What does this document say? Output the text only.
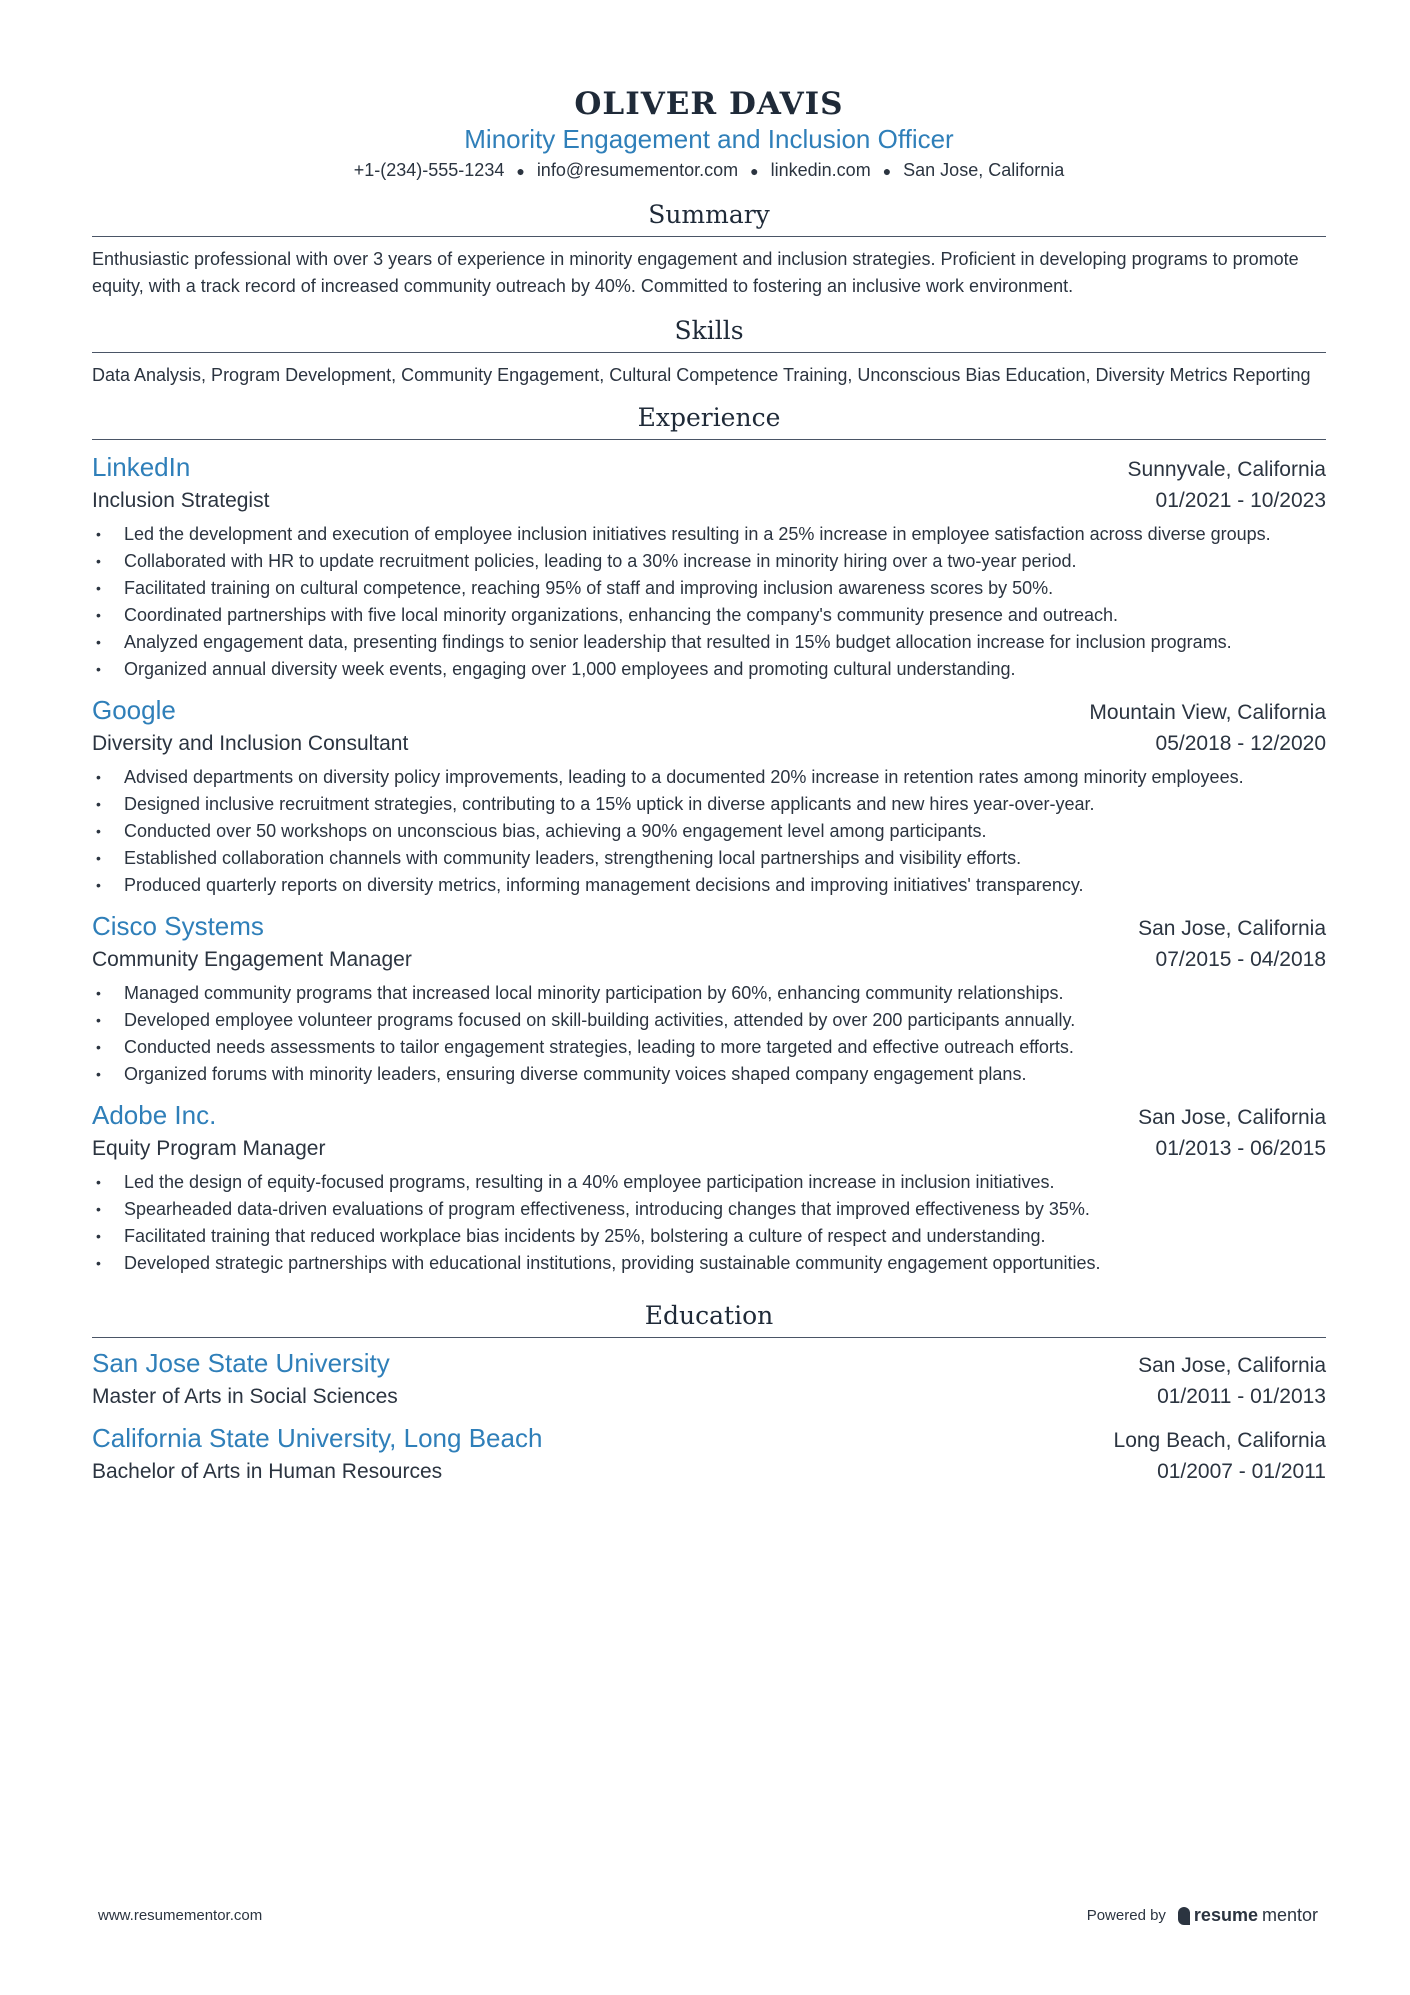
OLIVER DAVIS
Minority Engagement and Inclusion Officer
+1-(234)-555-1234 ● info@resumementor.com ● linkedin.com ● San Jose, California
Summary
Enthusiastic professional with over 3 years of experience in minority engagement and inclusion strategies. Proficient in developing programs to promote equity, with a track record of increased community outreach by 40%. Committed to fostering an inclusive work environment.
Skills
Data Analysis, Program Development, Community Engagement, Cultural Competence Training, Unconscious Bias Education, Diversity Metrics Reporting
Experience
LinkedIn	Sunnyvale, California
Inclusion Strategist	01/2021 - 10/2023
• Led the development and execution of employee inclusion initiatives resulting in a 25% increase in employee satisfaction across diverse groups.
• Collaborated with HR to update recruitment policies, leading to a 30% increase in minority hiring over a two-year period.
• Facilitated training on cultural competence, reaching 95% of staff and improving inclusion awareness scores by 50%.
• Coordinated partnerships with five local minority organizations, enhancing the company's community presence and outreach.
• Analyzed engagement data, presenting findings to senior leadership that resulted in 15% budget allocation increase for inclusion programs.
• Organized annual diversity week events, engaging over 1,000 employees and promoting cultural understanding.
Google	Mountain View, California
Diversity and Inclusion Consultant	05/2018 - 12/2020
• Advised departments on diversity policy improvements, leading to a documented 20% increase in retention rates among minority employees.
• Designed inclusive recruitment strategies, contributing to a 15% uptick in diverse applicants and new hires year-over-year.
• Conducted over 50 workshops on unconscious bias, achieving a 90% engagement level among participants.
• Established collaboration channels with community leaders, strengthening local partnerships and visibility efforts.
• Produced quarterly reports on diversity metrics, informing management decisions and improving initiatives' transparency.
Cisco Systems	San Jose, California
Community Engagement Manager	07/2015 - 04/2018
• Managed community programs that increased local minority participation by 60%, enhancing community relationships.
• Developed employee volunteer programs focused on skill-building activities, attended by over 200 participants annually.
• Conducted needs assessments to tailor engagement strategies, leading to more targeted and effective outreach efforts.
• Organized forums with minority leaders, ensuring diverse community voices shaped company engagement plans.
Adobe Inc.	San Jose, California
Equity Program Manager	01/2013 - 06/2015
• Led the design of equity-focused programs, resulting in a 40% employee participation increase in inclusion initiatives.
• Spearheaded data-driven evaluations of program effectiveness, introducing changes that improved effectiveness by 35%.
• Facilitated training that reduced workplace bias incidents by 25%, bolstering a culture of respect and understanding.
• Developed strategic partnerships with educational institutions, providing sustainable community engagement opportunities.
Education
San Jose State University	San Jose, California
Master of Arts in Social Sciences	01/2011 - 01/2013
California State University, Long Beach	Long Beach, California
Bachelor of Arts in Human Resources	01/2007 - 01/2011
www.resumementor.com	Powered by resume mentor
